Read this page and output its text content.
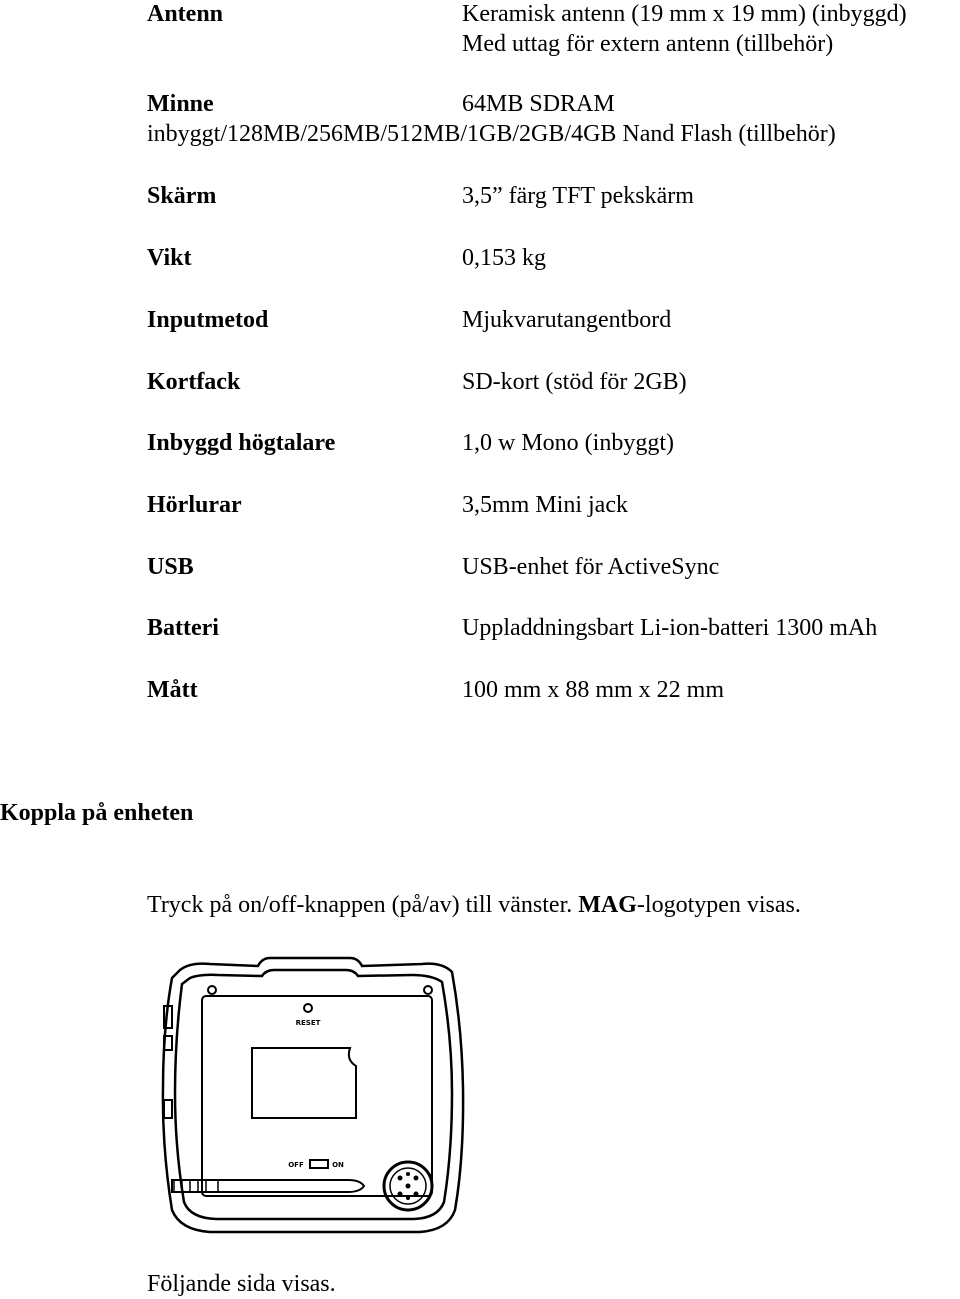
Antenn	Keramisk antenn (19 mm x 19 mm) (inbyggd)
Med uttag för extern antenn (tillbehör)
Minne	64MB SDRAM
inbyggt/128MB/256MB/512MB/1GB/2GB/4GB Nand Flash (tillbehör)
Skärm	3,5” färg TFT pekskärm
Vikt	0,153 kg
Inputmetod	Mjukvarutangentbord
Kortfack	SD-kort (stöd för 2GB)
Inbyggd högtalare	1,0 w Mono (inbyggt)
Hörlurar	3,5mm Mini jack
USB	USB-enhet för ActiveSync
Batteri	Uppladdningsbart Li-ion-batteri 1300 mAh
Mått	100 mm x 88 mm x 22 mm
Koppla på enheten
Tryck på on/off-knappen (på/av) till vänster. MAG-logotypen visas.
RESET
OFF	ON
Följande sida visas.
